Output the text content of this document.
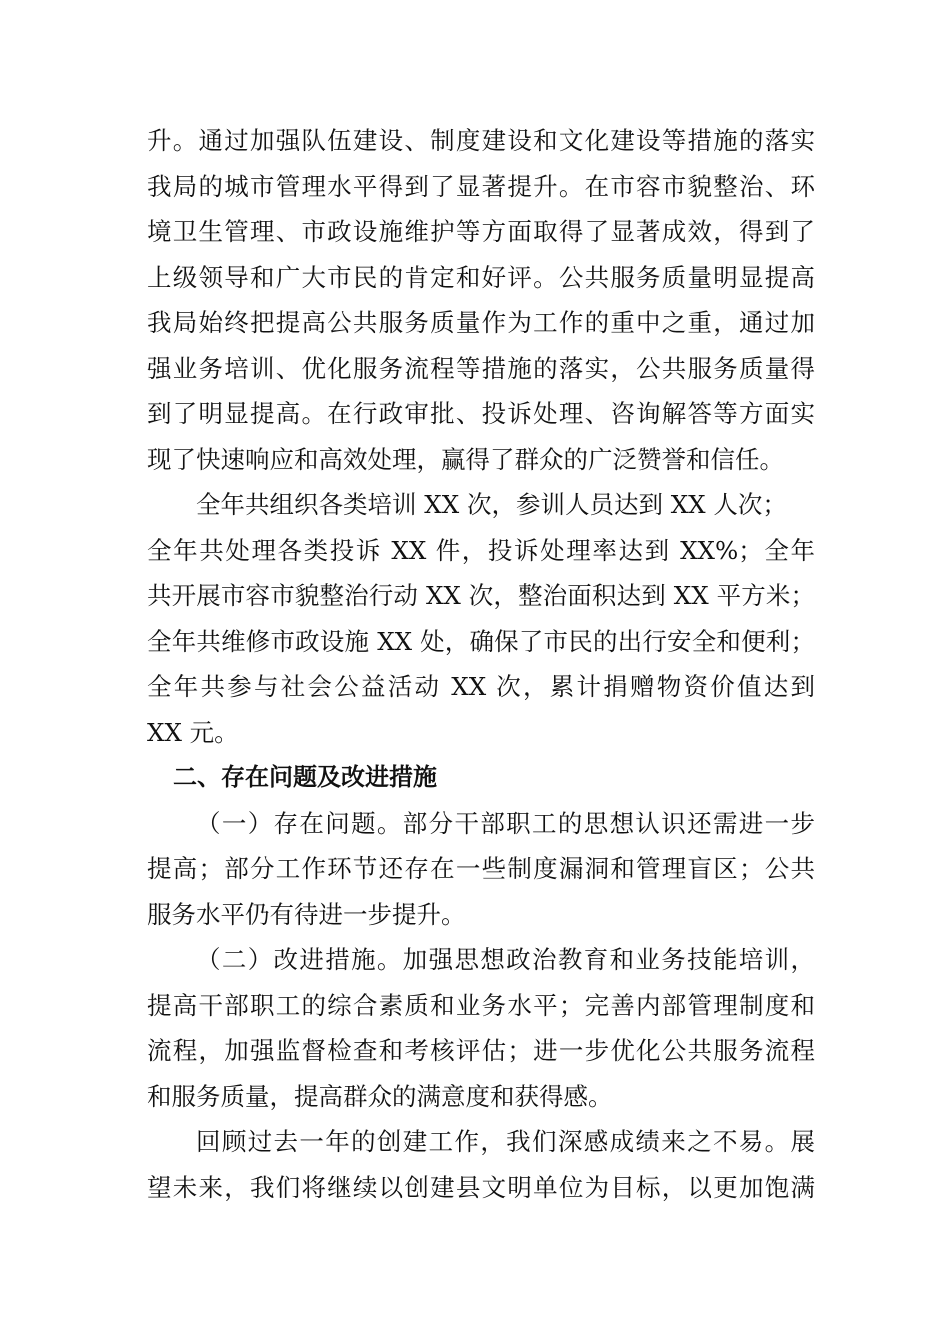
升。通过加强队伍建设、制度建设和文化建设等措施的落实
我局的城市管理水平得到了显著提升。在市容市貌整治、环
境卫生管理、市政设施维护等方面取得了显著成效，得到了
上级领导和广大市民的肯定和好评。公共服务质量明显提高
我局始终把提高公共服务质量作为工作的重中之重，通过加
强业务培训、优化服务流程等措施的落实，公共服务质量得
到了明显提高。在行政审批、投诉处理、咨询解答等方面实
现了快速响应和高效处理，赢得了群众的广泛赞誉和信任。
全年共组织各类培训 XX 次，参训人员达到 XX 人次；
全年共处理各类投诉 XX 件，投诉处理率达到 XX%；全年
共开展市容市貌整治行动 XX 次，整治面积达到 XX 平方米；
全年共维修市政设施 XX 处，确保了市民的出行安全和便利；
全年共参与社会公益活动 XX 次，累计捐赠物资价值达到
XX 元。
二、存在问题及改进措施
（一）存在问题。部分干部职工的思想认识还需进一步
提高；部分工作环节还存在一些制度漏洞和管理盲区；公共
服务水平仍有待进一步提升。
（二）改进措施。加强思想政治教育和业务技能培训，
提高干部职工的综合素质和业务水平；完善内部管理制度和
流程，加强监督检查和考核评估；进一步优化公共服务流程
和服务质量，提高群众的满意度和获得感。
回顾过去一年的创建工作，我们深感成绩来之不易。展
望未来，我们将继续以创建县文明单位为目标，以更加饱满
